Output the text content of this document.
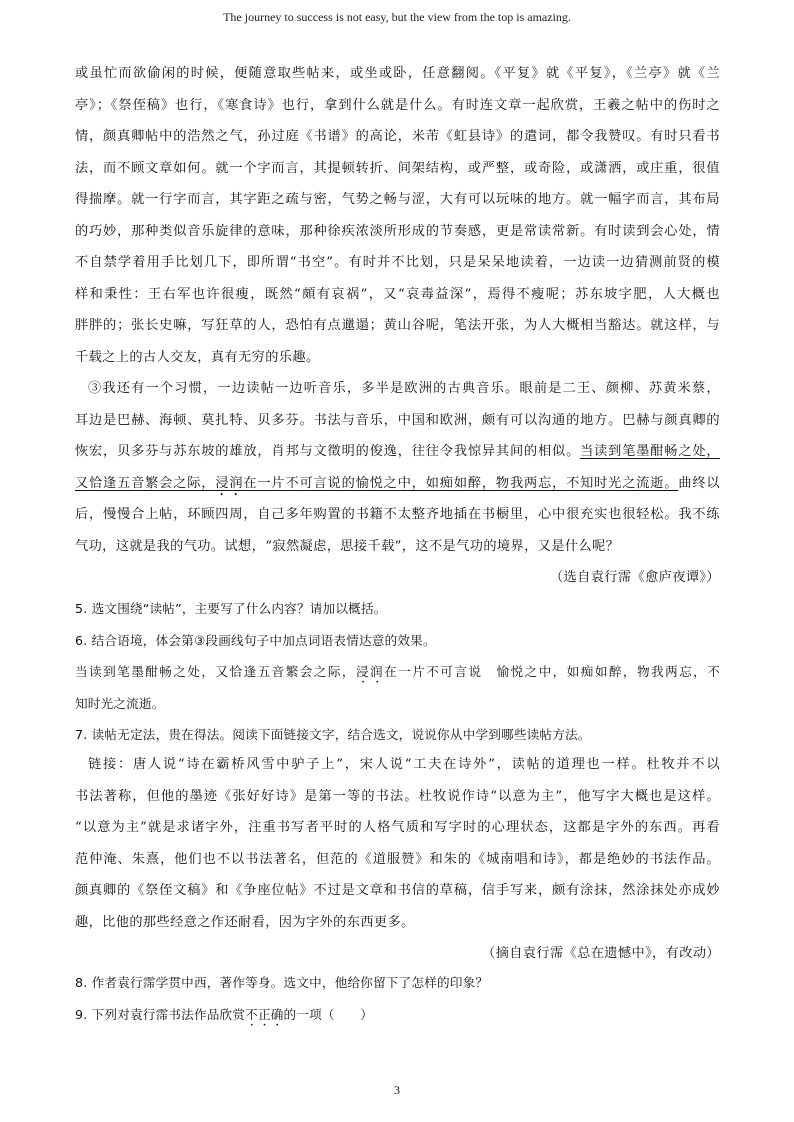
The journey to success is not easy, but the view from the top is amazing.
或虽忙而欲偷闲的时候，便随意取些帖来，或坐或卧，任意翻阅。《平复》就《平复》，《兰亭》就《兰
亭》；《祭侄稿》也行，《寒食诗》也行，拿到什么就是什么。有时连文章一起欣赏，王羲之帖中的伤时之
情，颜真卿帖中的浩然之气，孙过庭《书谱》的高论，米芾《虹县诗》的遣词，都令我赞叹。有时只看书
法，而不顾文章如何。就一个字而言，其提顿转折、间架结构，或严整，或奇险，或潇洒，或庄重，很值
得揣摩。就一行字而言，其字距之疏与密，气势之畅与涩，大有可以玩味的地方。就一幅字而言，其布局
的巧妙，那种类似音乐旋律的意味，那种徐疾浓淡所形成的节奏感，更是常读常新。有时读到会心处，情
不自禁学着用手比划几下，即所谓“书空”。有时并不比划，只是呆呆地读着，一边读一边猜测前贤的模
样和秉性：王右军也许很瘦，既然“頗有哀祸”，又“哀毒益深”，焉得不瘦呢；苏东坡字肥，人大概也
胖胖的；张长史嘛，写狂草的人，恐怕有点邋遢；黄山谷呢，笔法开张，为人大概相当豁达。就这样，与
千载之上的古人交友，真有无穷的乐趣。
③我还有一个习惯，一边读帖一边听音乐，多半是欧洲的古典音乐。眼前是二王、颜柳、苏黄米蔡，
耳边是巴赫、海顿、莫扎特、贝多芬。书法与音乐，中国和欧洲，颇有可以沟通的地方。巴赫与颜真卿的
恢宏，贝多芬与苏东坡的雄放，肖邦与文徵明的俊逸，往往令我惊异其间的相似。当读到笔墨酣畅之处，
又恰逢五音繁会之际，浸润在一片不可言说的愉悦之中，如痴如醉，物我两忘，不知时光之流逝。曲终以
后，慢慢合上帖，环顾四周，自己多年购置的书籍不太整齐地插在书橱里，心中很充实也很轻松。我不练
气功，这就是我的气功。试想，“寂然凝虑，思接千载”，这不是气功的境界，又是什么呢？
（选自袁行霈《愈庐夜谭》）
5. 选文围绕“读帖”，主要写了什么内容？请加以概括。
6. 结合语境，体会第③段画线句子中加点词语表情达意的效果。
当读到笔墨酣畅之处，又恰逢五音繁会之际，浸润在一片不可言说　愉悦之中，如痴如醉，物我两忘，不
知时光之流逝。
7. 读帖无定法，贵在得法。阅读下面链接文字，结合选文，说说你从中学到哪些读帖方法。
链接：唐人说“诗在霸桥风雪中驴子上”，宋人说“工夫在诗外”，读帖的道理也一样。杜牧并不以
书法著称，但他的墨迹《张好好诗》是第一等的书法。杜牧说作诗“以意为主”，他写字大概也是这样。
“以意为主”就是求诸字外，注重书写者平时的人格气质和写字时的心理状态，这都是字外的东西。再看
范仲淹、朱熹，他们也不以书法著名，但范的《道服赞》和朱的《城南唱和诗》，都是绝妙的书法作品。
颜真卿的《祭侄文稿》和《争座位帖》不过是文章和书信的草稿，信手写来，颇有涂抹，然涂抹处亦成妙
趣，比他的那些经意之作还耐看，因为字外的东西更多。
（摘自袁行霈《总在遗憾中》，有改动）
8. 作者袁行霈学贯中西，著作等身。选文中，他给你留下了怎样的印象？
9. 下列对袁行霈书法作品欣赏不正确的一项（　　）
3
